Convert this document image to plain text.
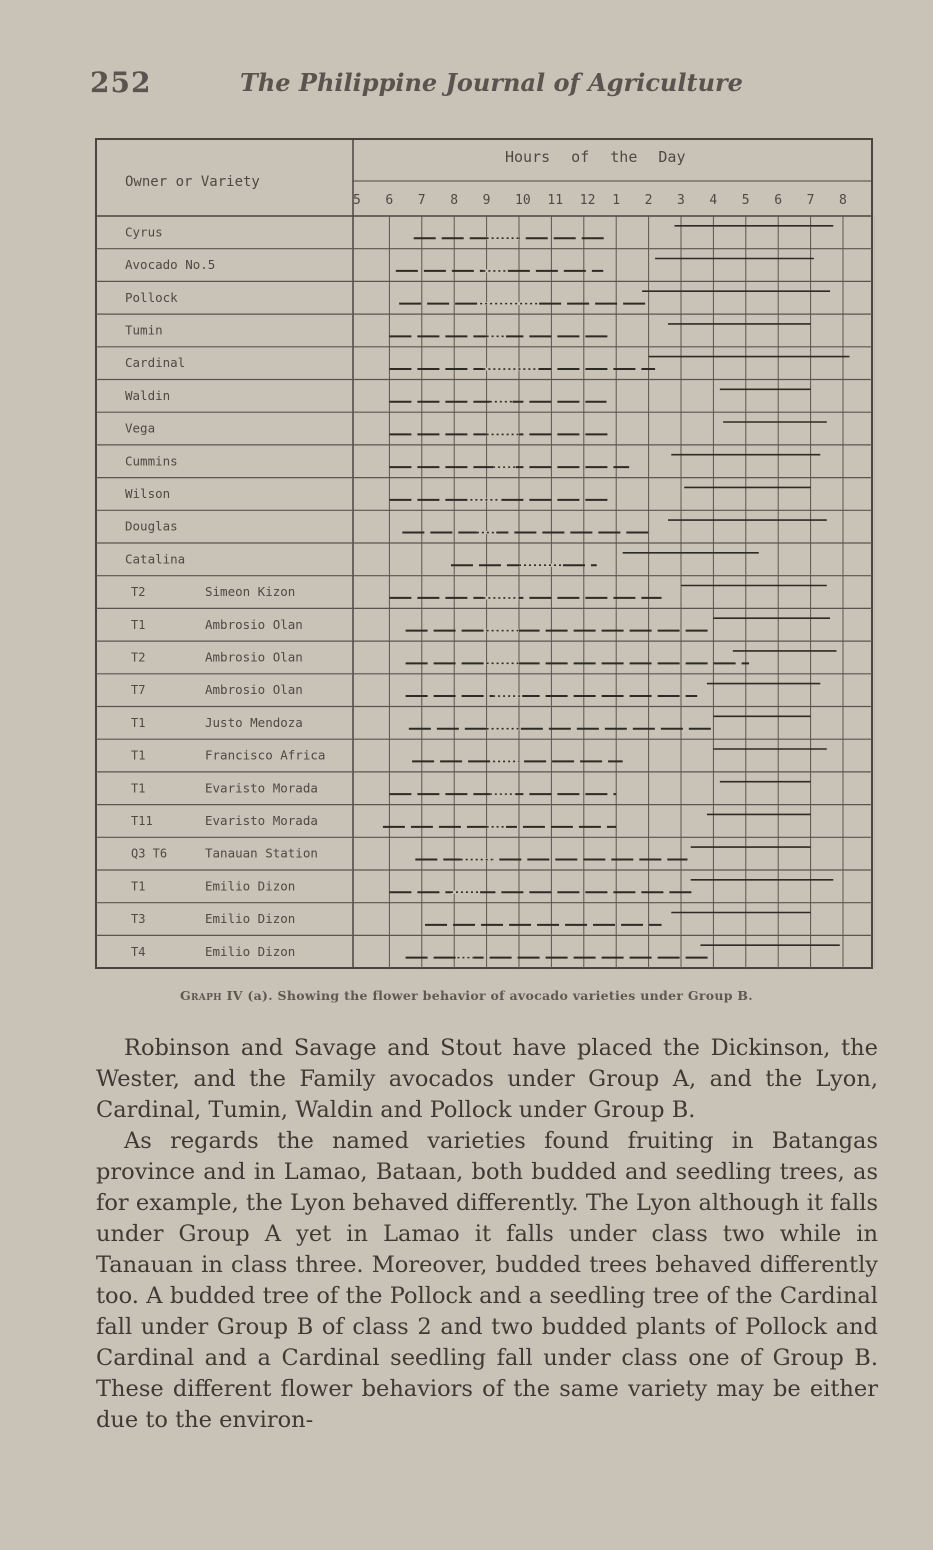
252	The Philippine Journal of Agriculture
Owner or Variety
Hours of the Day
5 6 7 8 9 10 11 12 1 2 3 4 5 6 7 8
Cyrus
Avocado No.5
Pollock
Tumin
Cardinal
Waldin
Vega
Cummins
Wilson
Douglas
Catalina
T2	Simeon Kizon
T1	Ambrosio Olan
T2	Ambrosio Olan
T7	Ambrosio Olan
T1	Justo Mendoza
T1	Francisco Africa
T1	Evaristo Morada
T11	Evaristo Morada
Q3 T6	Tanauan Station
T1	Emilio Dizon
T3	Emilio Dizon
T4	Emilio Dizon
Graph IV (a). Showing the flower behavior of avocado varieties under Group B.

Robinson and Savage and Stout have placed the Dickinson, the Wester, and the Family avocados under Group A, and the Lyon, Cardinal, Tumin, Waldin and Pollock under Group B.

As regards the named varieties found fruiting in Batangas province and in Lamao, Bataan, both budded and seedling trees, as for example, the Lyon behaved differently. The Lyon although it falls under Group A yet in Lamao it falls under class two while in Tanauan in class three. Moreover, budded trees behaved differently too. A budded tree of the Pollock and a seedling tree of the Cardinal fall under Group B of class 2 and two budded plants of Pollock and Cardinal and a Cardinal seedling fall under class one of Group B. These different flower behaviors of the same variety may be either due to the environ-
